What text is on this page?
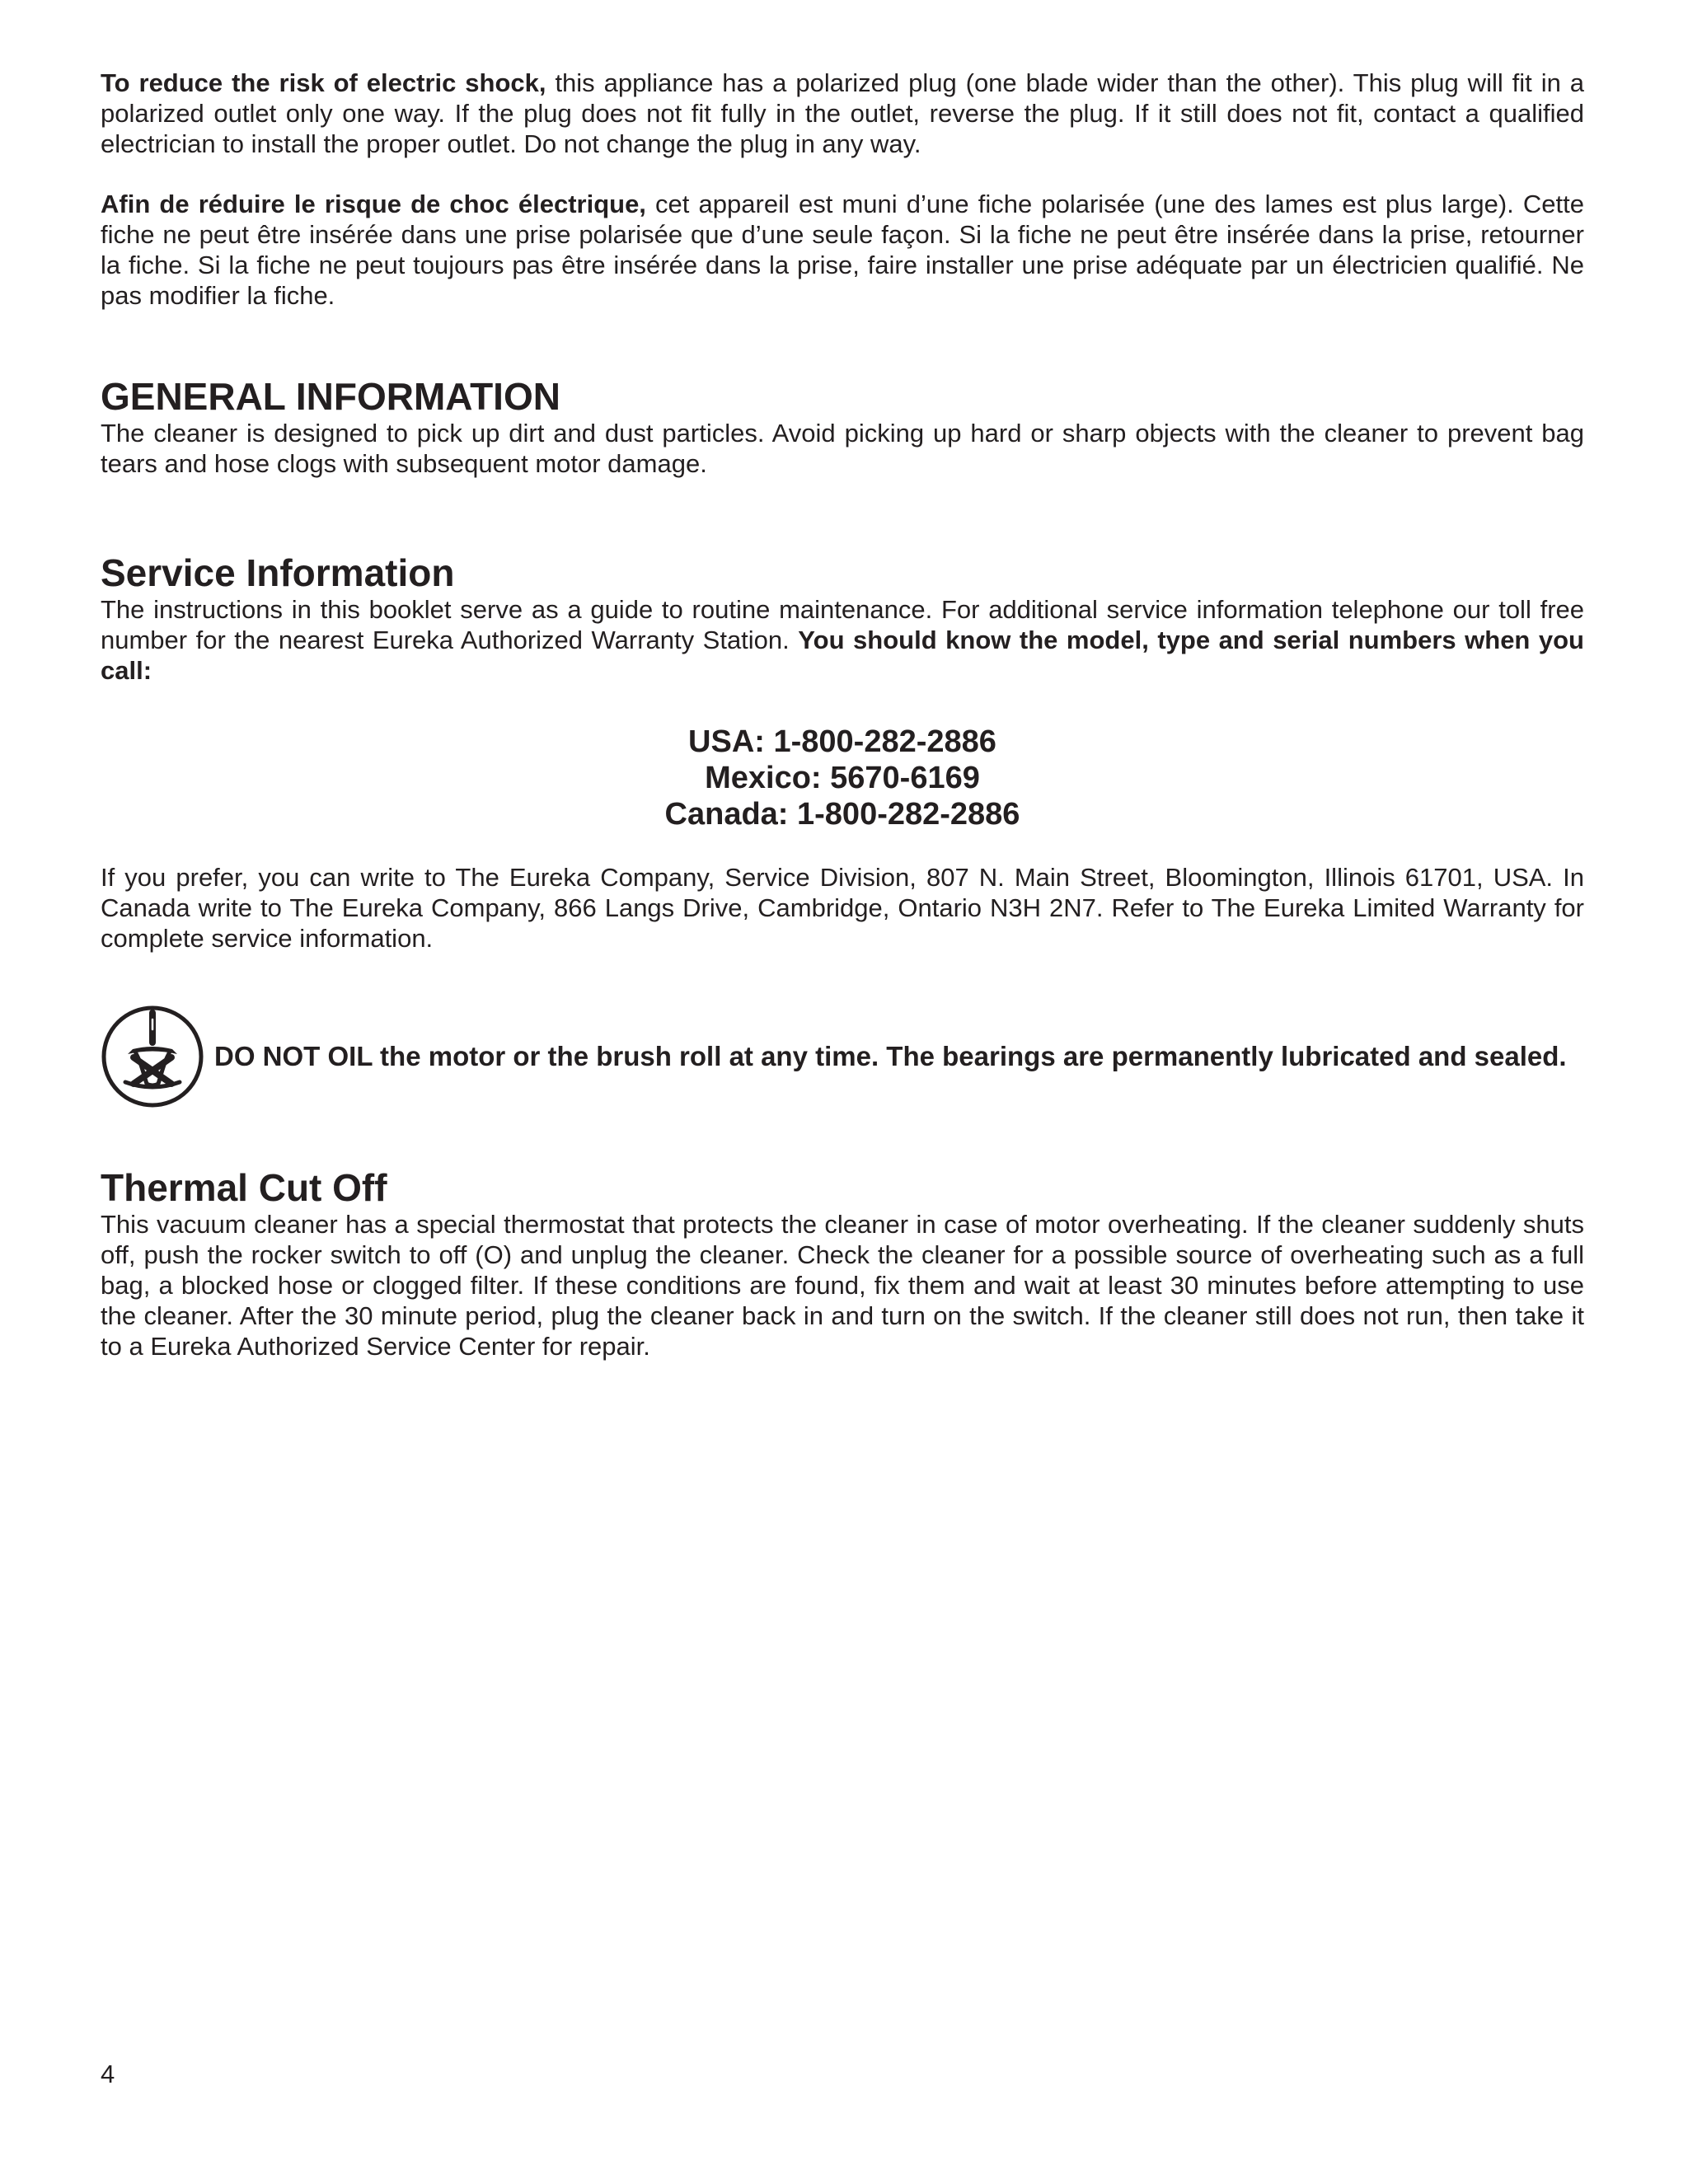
To reduce the risk of electric shock, this appliance has a polarized plug (one blade wider than the other). This plug will fit in a polarized outlet only one way. If the plug does not fit fully in the outlet, reverse the plug. If it still does not fit, contact a qualified electrician to install the proper outlet. Do not change the plug in any way.

Afin de réduire le risque de choc électrique, cet appareil est muni d’une fiche polarisée (une des lames est plus large). Cette fiche ne peut être insérée dans une prise polarisée que d’une seule façon. Si la fiche ne peut être insérée dans la prise, retourner la fiche. Si la fiche ne peut toujours pas être insérée dans la prise, faire installer une prise adéquate par un électricien qualifié. Ne pas modifier la fiche.

GENERAL INFORMATION

The cleaner is designed to pick up dirt and dust particles. Avoid picking up hard or sharp objects with the cleaner to prevent bag tears and hose clogs with subsequent motor damage.

Service Information

The instructions in this booklet serve as a guide to routine maintenance. For additional service information telephone our toll free number for the nearest Eureka Authorized Warranty Station. You should know the model, type and serial numbers when you call:

USA: 1-800-282-2886
Mexico: 5670-6169
Canada: 1-800-282-2886

If you prefer, you can write to The Eureka Company, Service Division, 807 N. Main Street, Bloomington, Illinois 61701, USA. In Canada write to The Eureka Company, 866 Langs Drive, Cambridge, Ontario N3H 2N7. Refer to The Eureka Limited Warranty for complete service information.

DO NOT OIL the motor or the brush roll at any time. The bearings are permanently lubricated and sealed.
Thermal Cut Off

This vacuum cleaner has a special thermostat that protects the cleaner in case of motor overheating. If the cleaner suddenly shuts off, push the rocker switch to off (O) and unplug the cleaner. Check the cleaner for a possible source of overheating such as a full bag, a blocked hose or clogged filter. If these conditions are found, fix them and wait at least 30 minutes before attempting to use the cleaner. After the 30 minute period, plug the cleaner back in and turn on the switch. If the cleaner still does not run, then take it to a Eureka Authorized Service Center for repair.

4
